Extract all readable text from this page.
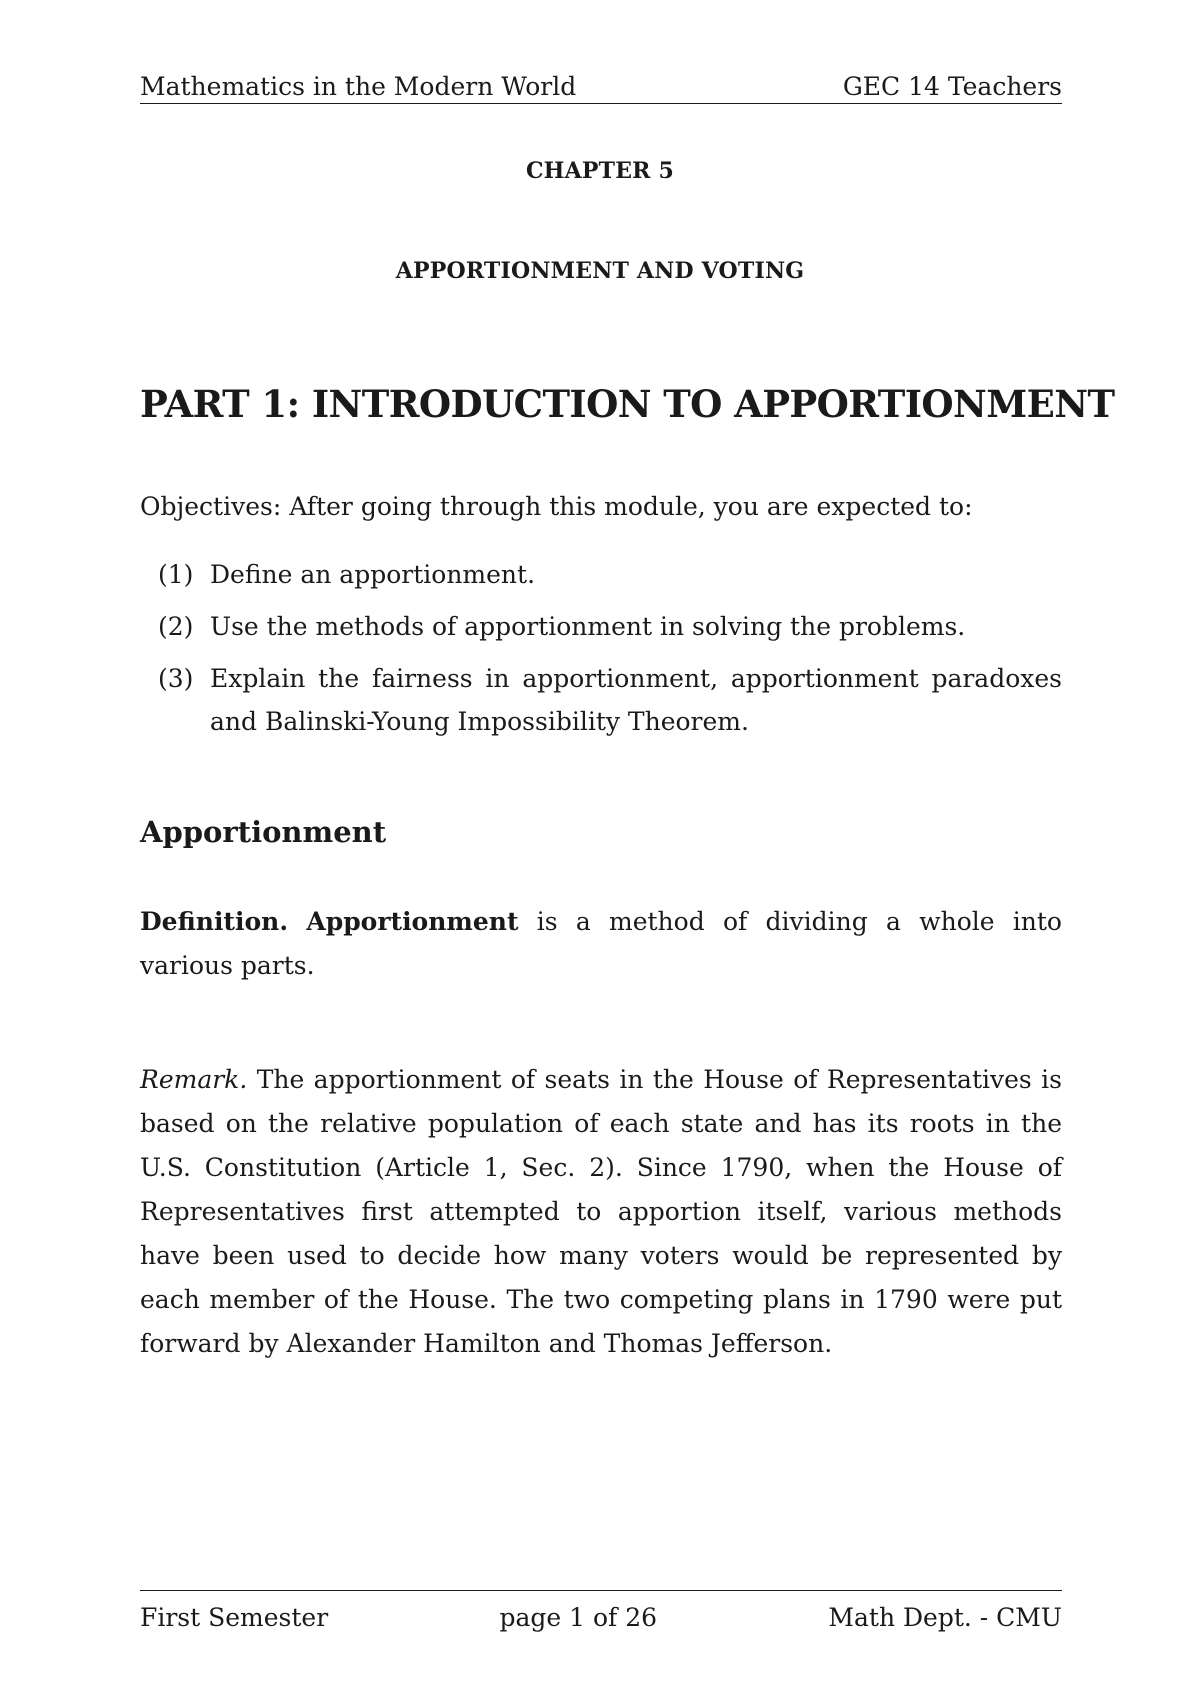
Mathematics in the Modern World	GEC 14 Teachers
CHAPTER 5
APPORTIONMENT AND VOTING
PART 1: INTRODUCTION TO APPORTIONMENT
Objectives: After going through this module, you are expected to:
(1) Define an apportionment.
(2) Use the methods of apportionment in solving the problems.
(3) Explain the fairness in apportionment, apportionment paradoxes and Balinski-Young Impossibility Theorem.
Apportionment

Definition. Apportionment is a method of dividing a whole into various parts.

Remark. The apportionment of seats in the House of Representatives is based on the relative population of each state and has its roots in the U.S. Constitution (Article 1, Sec. 2). Since 1790, when the House of Representatives first attempted to apportion itself, various methods have been used to decide how many voters would be represented by each member of the House. The two competing plans in 1790 were put forward by Alexander Hamilton and Thomas Jefferson.

First Semester	page 1 of 26	Math Dept. - CMU
